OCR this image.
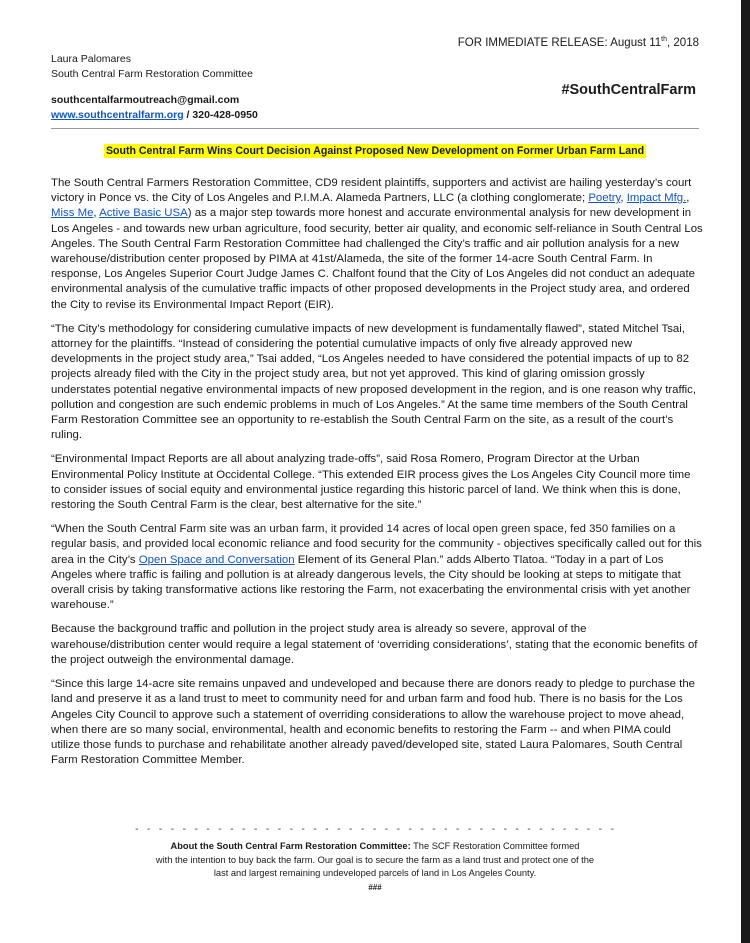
FOR IMMEDIATE RELEASE: August 11th, 2018
Laura Palomares
South Central Farm Restoration Committee
southcentalfarmoutreach@gmail.com
www.southcentralfarm.org / 320-428-0950
#SouthCentralFarm
South Central Farm Wins Court Decision Against Proposed New Development on Former Urban Farm Land

The South Central Farmers Restoration Committee, CD9 resident plaintiffs, supporters and activist are hailing yesterday’s court victory in Ponce vs. the City of Los Angeles and P.I.M.A. Alameda Partners, LLC (a clothing conglomerate; Poetry, Impact Mfg., Miss Me, Active Basic USA) as a major step towards more honest and accurate environmental analysis for new development in Los Angeles - and towards new urban agriculture, food security, better air quality, and economic self-reliance in South Central Los Angeles. The South Central Farm Restoration Committee had challenged the City’s traffic and air pollution analysis for a new warehouse/distribution center proposed by PIMA at 41st/Alameda, the site of the former 14-acre South Central Farm. In response, Los Angeles Superior Court Judge James C. Chalfont found that the City of Los Angeles did not conduct an adequate environmental analysis of the cumulative traffic impacts of other proposed developments in the Project study area, and ordered the City to revise its Environmental Impact Report (EIR).

“The City’s methodology for considering cumulative impacts of new development is fundamentally flawed”, stated Mitchel Tsai, attorney for the plaintiffs. “Instead of considering the potential cumulative impacts of only five already approved new developments in the project study area,” Tsai added, “Los Angeles needed to have considered the potential impacts of up to 82 projects already filed with the City in the project study area, but not yet approved. This kind of glaring omission grossly understates potential negative environmental impacts of new proposed development in the region, and is one reason why traffic, pollution and congestion are such endemic problems in much of Los Angeles.” At the same time members of the South Central Farm Restoration Committee see an opportunity to re-establish the South Central Farm on the site, as a result of the court’s ruling.

“Environmental Impact Reports are all about analyzing trade-offs”, said Rosa Romero, Program Director at the Urban Environmental Policy Institute at Occidental College. “This extended EIR process gives the Los Angeles City Council more time to consider issues of social equity and environmental justice regarding this historic parcel of land. We think when this is done, restoring the South Central Farm is the clear, best alternative for the site.”

“When the South Central Farm site was an urban farm, it provided 14 acres of local open green space, fed 350 families on a regular basis, and provided local economic reliance and food security for the community - objectives specifically called out for this area in the City’s Open Space and Conversation Element of its General Plan.” adds Alberto Tlatoa. “Today in a part of Los Angeles where traffic is failing and pollution is at already dangerous levels, the City should be looking at steps to mitigate that overall crisis by taking transformative actions like restoring the Farm, not exacerbating the environmental crisis with yet another warehouse.”

Because the background traffic and pollution in the project study area is already so severe, approval of the warehouse/distribution center would require a legal statement of ‘overriding considerations’, stating that the economic benefits of the project outweigh the environmental damage.

“Since this large 14-acre site remains unpaved and undeveloped and because there are donors ready to pledge to purchase the land and preserve it as a land trust to meet to community need for and urban farm and food hub. There is no basis for the Los Angeles City Council to approve such a statement of overriding considerations to allow the warehouse project to move ahead, when there are so many social, environmental, health and economic benefits to restoring the Farm -- and when PIMA could utilize those funds to purchase and rehabilitate another already paved/developed site, stated Laura Palomares, South Central Farm Restoration Committee Member.

-  -  -  -  -  -  -  -  -  -  -  -  -  -  -  -  -  -  -  -  -  -  -  -  -  -  -  -  -  -  -  -  -  -  -  -  -  -  -  -  -
About the South Central Farm Restoration Committee: The SCF Restoration Committee formed
with the intention to buy back the farm. Our goal is to secure the farm as a land trust and protect one of the
last and largest remaining undeveloped parcels of land in Los Angeles County.
###
